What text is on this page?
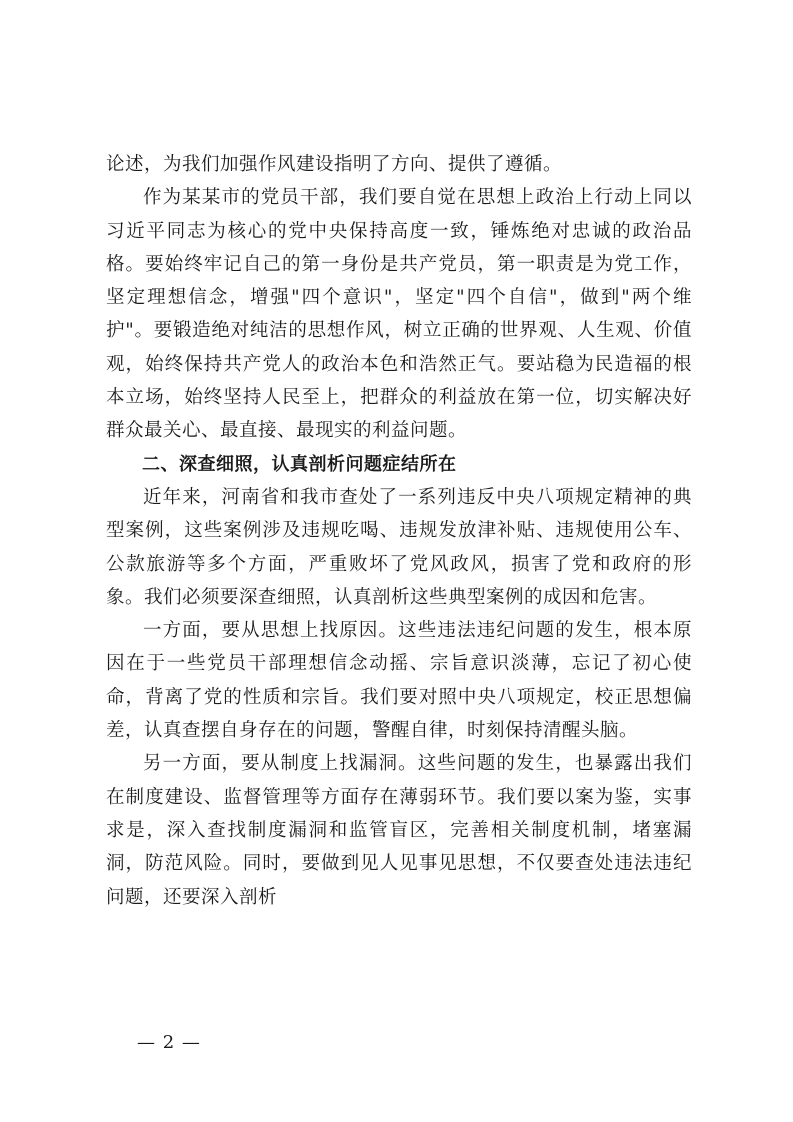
论述，为我们加强作风建设指明了方向、提供了遵循。

作为某某市的党员干部，我们要自觉在思想上政治上行动上同以习近平同志为核心的党中央保持高度一致，锤炼绝对忠诚的政治品格。要始终牢记自己的第一身份是共产党员，第一职责是为党工作，坚定理想信念，增强"四个意识"，坚定"四个自信"，做到"两个维护"。要锻造绝对纯洁的思想作风，树立正确的世界观、人生观、价值观，始终保持共产党人的政治本色和浩然正气。要站稳为民造福的根本立场，始终坚持人民至上，把群众的利益放在第一位，切实解决好群众最关心、最直接、最现实的利益问题。

二、深查细照，认真剖析问题症结所在

近年来，河南省和我市查处了一系列违反中央八项规定精神的典型案例，这些案例涉及违规吃喝、违规发放津补贴、违规使用公车、公款旅游等多个方面，严重败坏了党风政风，损害了党和政府的形象。我们必须要深查细照，认真剖析这些典型案例的成因和危害。

一方面，要从思想上找原因。这些违法违纪问题的发生，根本原因在于一些党员干部理想信念动摇、宗旨意识淡薄，忘记了初心使命，背离了党的性质和宗旨。我们要对照中央八项规定，校正思想偏差，认真查摆自身存在的问题，警醒自律，时刻保持清醒头脑。

另一方面，要从制度上找漏洞。这些问题的发生，也暴露出我们在制度建设、监督管理等方面存在薄弱环节。我们要以案为鉴，实事求是，深入查找制度漏洞和监管盲区，完善相关制度机制，堵塞漏洞，防范风险。同时，要做到见人见事见思想，不仅要查处违法违纪问题，还要深入剖析

— 2 —
